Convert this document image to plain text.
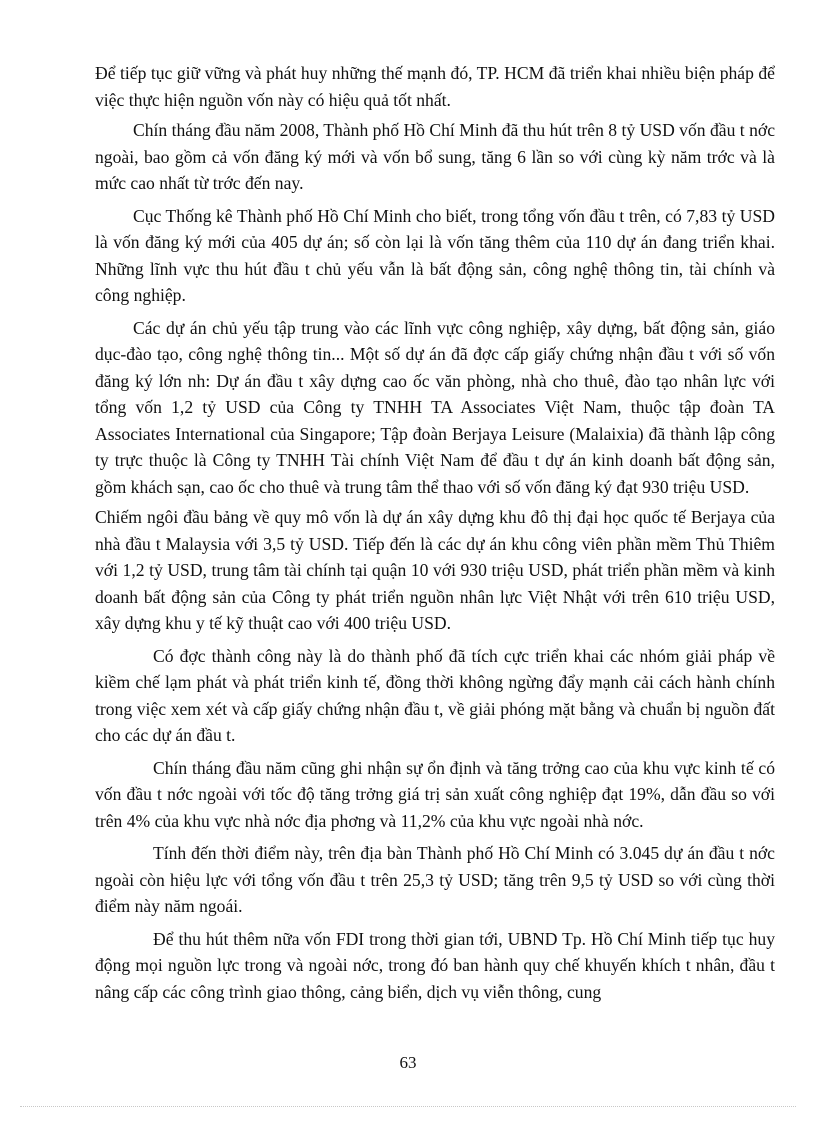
Để tiếp tục giữ vững và phát huy những thế mạnh đó, TP. HCM đã triển khai nhiều biện pháp để việc thực hiện nguồn vốn này có hiệu quả tốt nhất.

Chín tháng đầu năm 2008, Thành phố Hồ Chí Minh đã thu hút trên 8 tỷ USD vốn đầu t nớc ngoài, bao gồm cả vốn đăng ký mới và vốn bổ sung, tăng 6 lần so với cùng kỳ năm trớc và là mức cao nhất từ trớc đến nay.

Cục Thống kê Thành phố Hồ Chí Minh cho biết, trong tổng vốn đầu t trên, có 7,83 tỷ USD là vốn đăng ký mới của 405 dự án; số còn lại là vốn tăng thêm của 110 dự án đang triển khai. Những lĩnh vực thu hút đầu t chủ yếu vẫn là bất động sản, công nghệ thông tin, tài chính và công nghiệp.

Các dự án chủ yếu tập trung vào các lĩnh vực công nghiệp, xây dựng, bất động sản, giáo dục-đào tạo, công nghệ thông tin... Một số dự án đã đợc cấp giấy chứng nhận đầu t với số vốn đăng ký lớn nh: Dự án đầu t xây dựng cao ốc văn phòng, nhà cho thuê, đào tạo nhân lực với tổng vốn 1,2 tỷ USD của Công ty TNHH TA Associates Việt Nam, thuộc tập đoàn TA Associates International của Singapore; Tập đoàn Berjaya Leisure (Malaixia) đã thành lập công ty trực thuộc là Công ty TNHH Tài chính Việt Nam để đầu t dự án kinh doanh bất động sản, gồm khách sạn, cao ốc cho thuê và trung tâm thể thao với số vốn đăng ký đạt 930 triệu USD.

Chiếm ngôi đầu bảng về quy mô vốn là dự án xây dựng khu đô thị đại học quốc tế Berjaya của nhà đầu t Malaysia với 3,5 tỷ USD. Tiếp đến là các dự án khu công viên phần mềm Thủ Thiêm với 1,2 tỷ USD, trung tâm tài chính tại quận 10 với 930 triệu USD, phát triển phần mềm và kinh doanh bất động sản của Công ty phát triển nguồn nhân lực Việt Nhật với trên 610 triệu USD, xây dựng khu y tế kỹ thuật cao với 400 triệu USD.

Có đợc thành công này là do thành phố đã tích cực triển khai các nhóm giải pháp về kiềm chế lạm phát và phát triển kinh tế, đồng thời không ngừng đẩy mạnh cải cách hành chính trong việc xem xét và cấp giấy chứng nhận đầu t, về giải phóng mặt bằng và chuẩn bị nguồn đất cho các dự án đầu t.

Chín tháng đầu năm cũng ghi nhận sự ổn định và tăng trởng cao của khu vực kinh tế có vốn đầu t nớc ngoài với tốc độ tăng trởng giá trị sản xuất công nghiệp đạt 19%, dẫn đầu so với trên 4% của khu vực nhà nớc địa phơng và 11,2% của khu vực ngoài nhà nớc.

Tính đến thời điểm này, trên địa bàn Thành phố Hồ Chí Minh có 3.045 dự án đầu t nớc ngoài còn hiệu lực với tổng vốn đầu t trên 25,3 tỷ USD; tăng trên 9,5 tỷ USD so với cùng thời điểm này năm ngoái.

Để thu hút thêm nữa vốn FDI trong thời gian tới, UBND Tp. Hồ Chí Minh tiếp tục huy động mọi nguồn lực trong và ngoài nớc, trong đó ban hành quy chế khuyến khích t nhân, đầu t nâng cấp các công trình giao thông, cảng biển, dịch vụ viễn thông, cung

63
